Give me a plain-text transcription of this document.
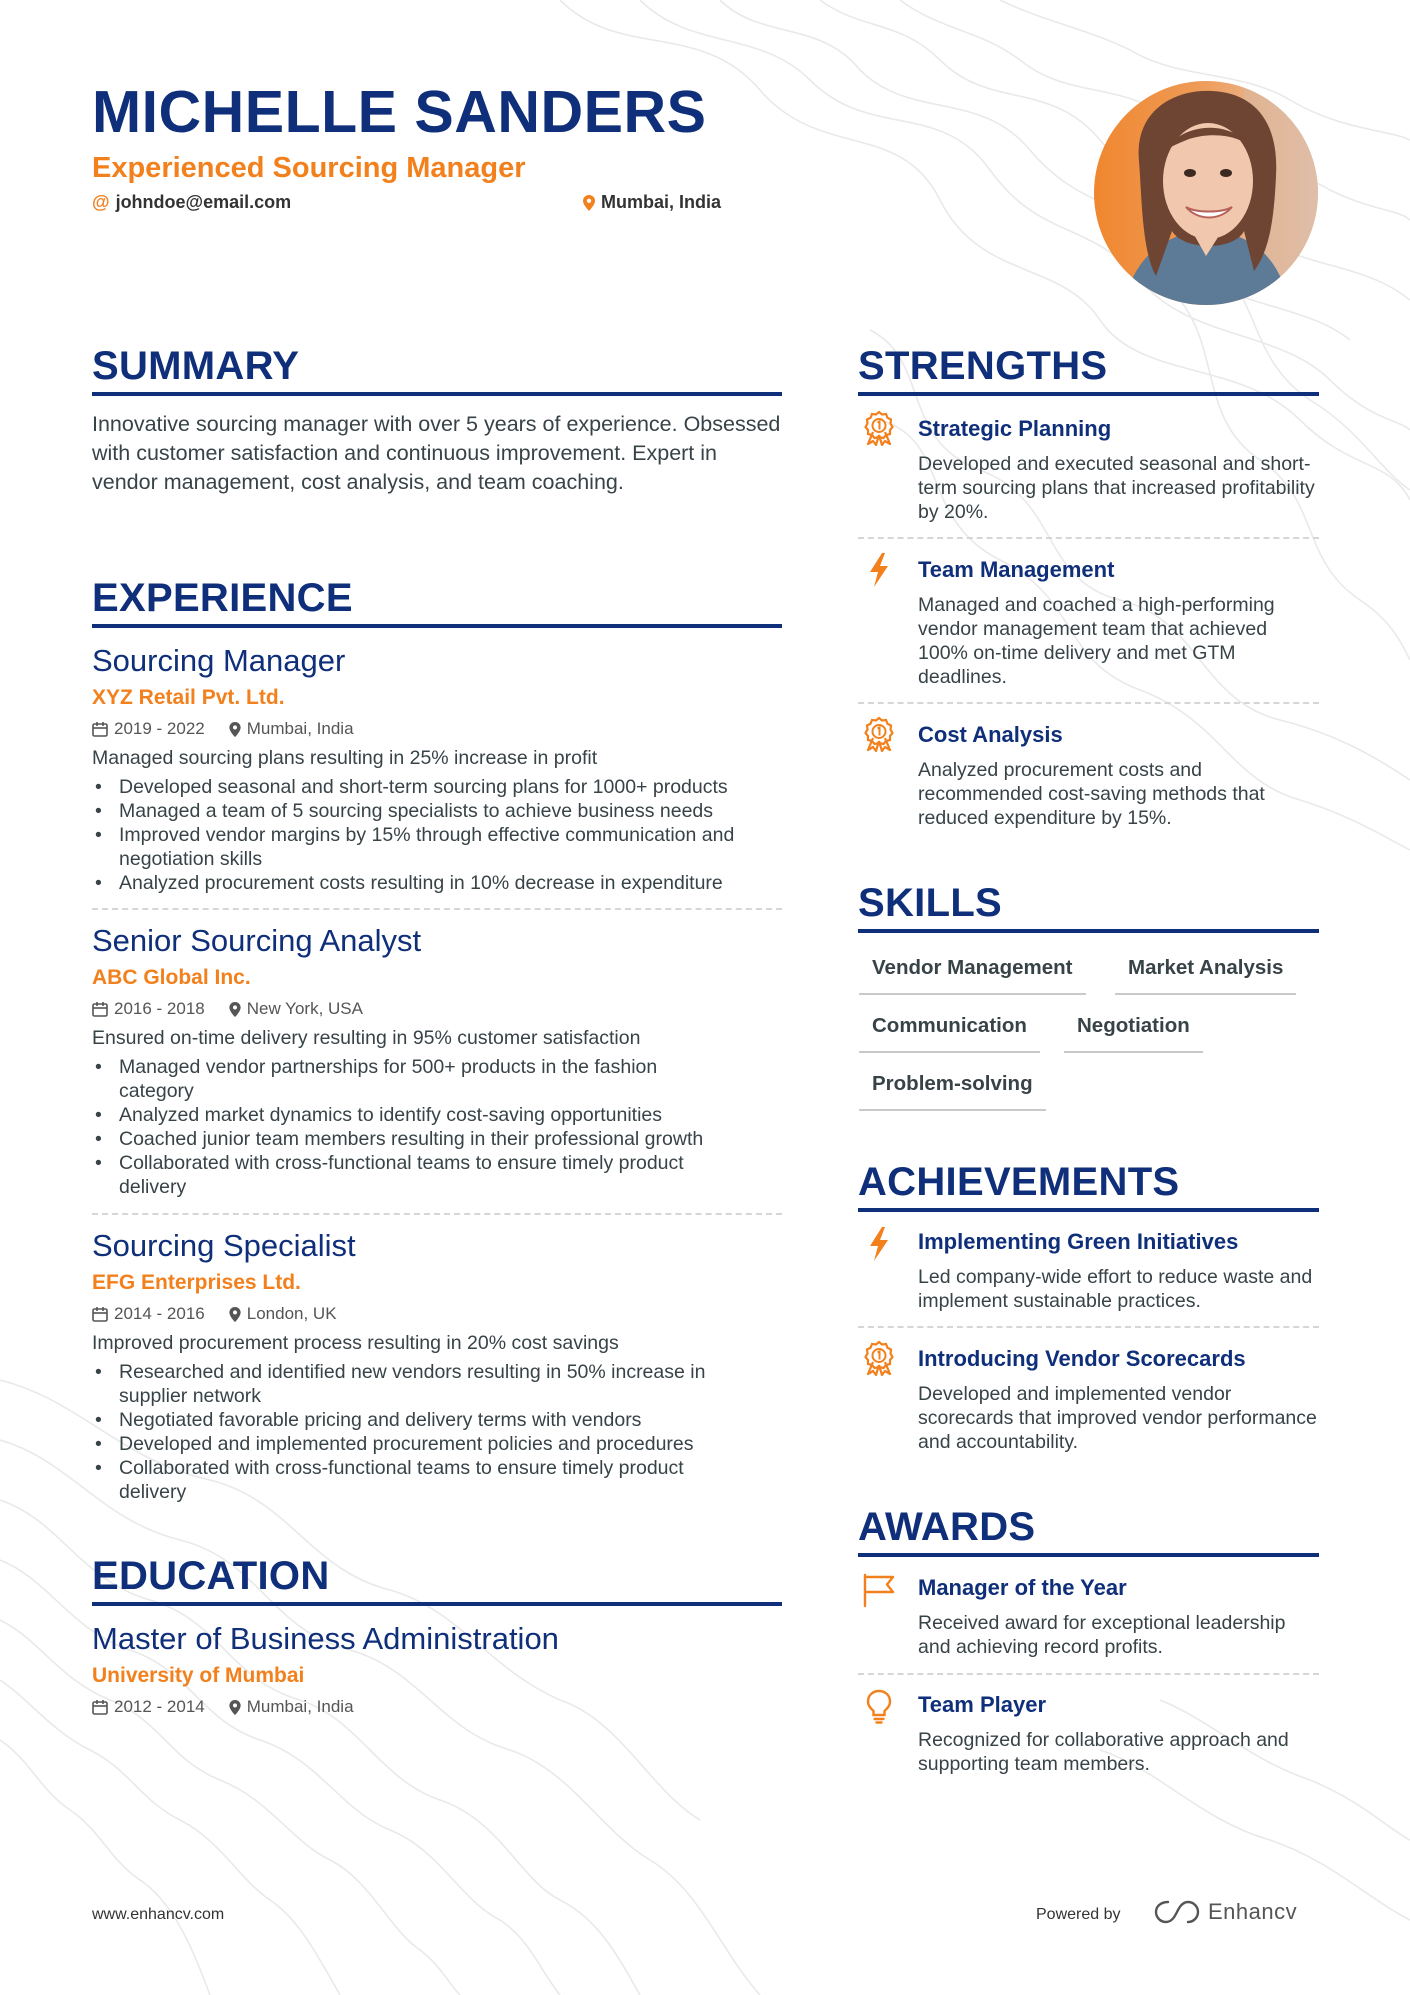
MICHELLE SANDERS
Experienced Sourcing Manager
@ johndoe@email.com	Mumbai, India
SUMMARY
Innovative sourcing manager with over 5 years of experience. Obsessed with customer satisfaction and continuous improvement. Expert in vendor management, cost analysis, and team coaching.
EXPERIENCE
Sourcing Manager
XYZ Retail Pvt. Ltd.
2019 - 2022 Mumbai, India
Managed sourcing plans resulting in 25% increase in profit
• Developed seasonal and short-term sourcing plans for 1000+ products
• Managed a team of 5 sourcing specialists to achieve business needs
• Improved vendor margins by 15% through effective communication and negotiation skills
• Analyzed procurement costs resulting in 10% decrease in expenditure
Senior Sourcing Analyst
ABC Global Inc.
2016 - 2018 New York, USA
Ensured on-time delivery resulting in 95% customer satisfaction
• Managed vendor partnerships for 500+ products in the fashion category
• Analyzed market dynamics to identify cost-saving opportunities
• Coached junior team members resulting in their professional growth
• Collaborated with cross-functional teams to ensure timely product delivery
Sourcing Specialist
EFG Enterprises Ltd.
2014 - 2016 London, UK
Improved procurement process resulting in 20% cost savings
• Researched and identified new vendors resulting in 50% increase in supplier network
• Negotiated favorable pricing and delivery terms with vendors
• Developed and implemented procurement policies and procedures
• Collaborated with cross-functional teams to ensure timely product delivery
EDUCATION
Master of Business Administration
University of Mumbai
2012 - 2014 Mumbai, India
STRENGTHS
Strategic Planning
Developed and executed seasonal and short-term sourcing plans that increased profitability by 20%.
Team Management
Managed and coached a high-performing vendor management team that achieved 100% on-time delivery and met GTM deadlines.
Cost Analysis
Analyzed procurement costs and recommended cost-saving methods that reduced expenditure by 15%.
SKILLS
Vendor Management	Market Analysis
Communication	Negotiation
Problem-solving
ACHIEVEMENTS
Implementing Green Initiatives
Led company-wide effort to reduce waste and implement sustainable practices.
Introducing Vendor Scorecards
Developed and implemented vendor scorecards that improved vendor performance and accountability.
AWARDS
Manager of the Year
Received award for exceptional leadership and achieving record profits.
Team Player
Recognized for collaborative approach and supporting team members.
www.enhancv.com	Powered by	Enhancv
